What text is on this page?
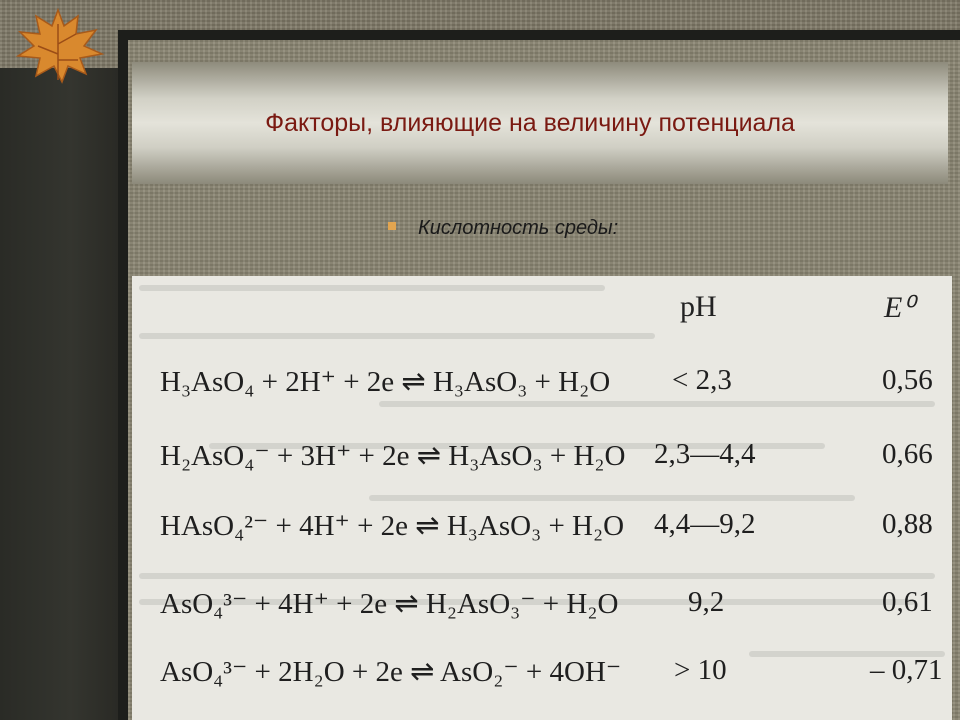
Факторы, влияющие на величину потенциала
Кислотность среды:
pH	E⁰
H₃AsO₄ + 2H⁺ + 2e ⇌ H₃AsO₃ + H₂O < 2,3	0,56
H₂AsO₄⁻ + 3H⁺ + 2e ⇌ H₃AsO₃ + H₂O 2,3—4,4	0,66
HAsO₄²⁻ + 4H⁺ + 2e ⇌ H₃AsO₃ + H₂O 4,4—9,2	0,88
AsO₄³⁻ + 4H⁺ + 2e ⇌ H₂AsO₃⁻ + H₂O 9,2	0,61
AsO₄³⁻ + 2H₂O + 2e ⇌ AsO₂⁻ + 4OH⁻ > 10	– 0,71
